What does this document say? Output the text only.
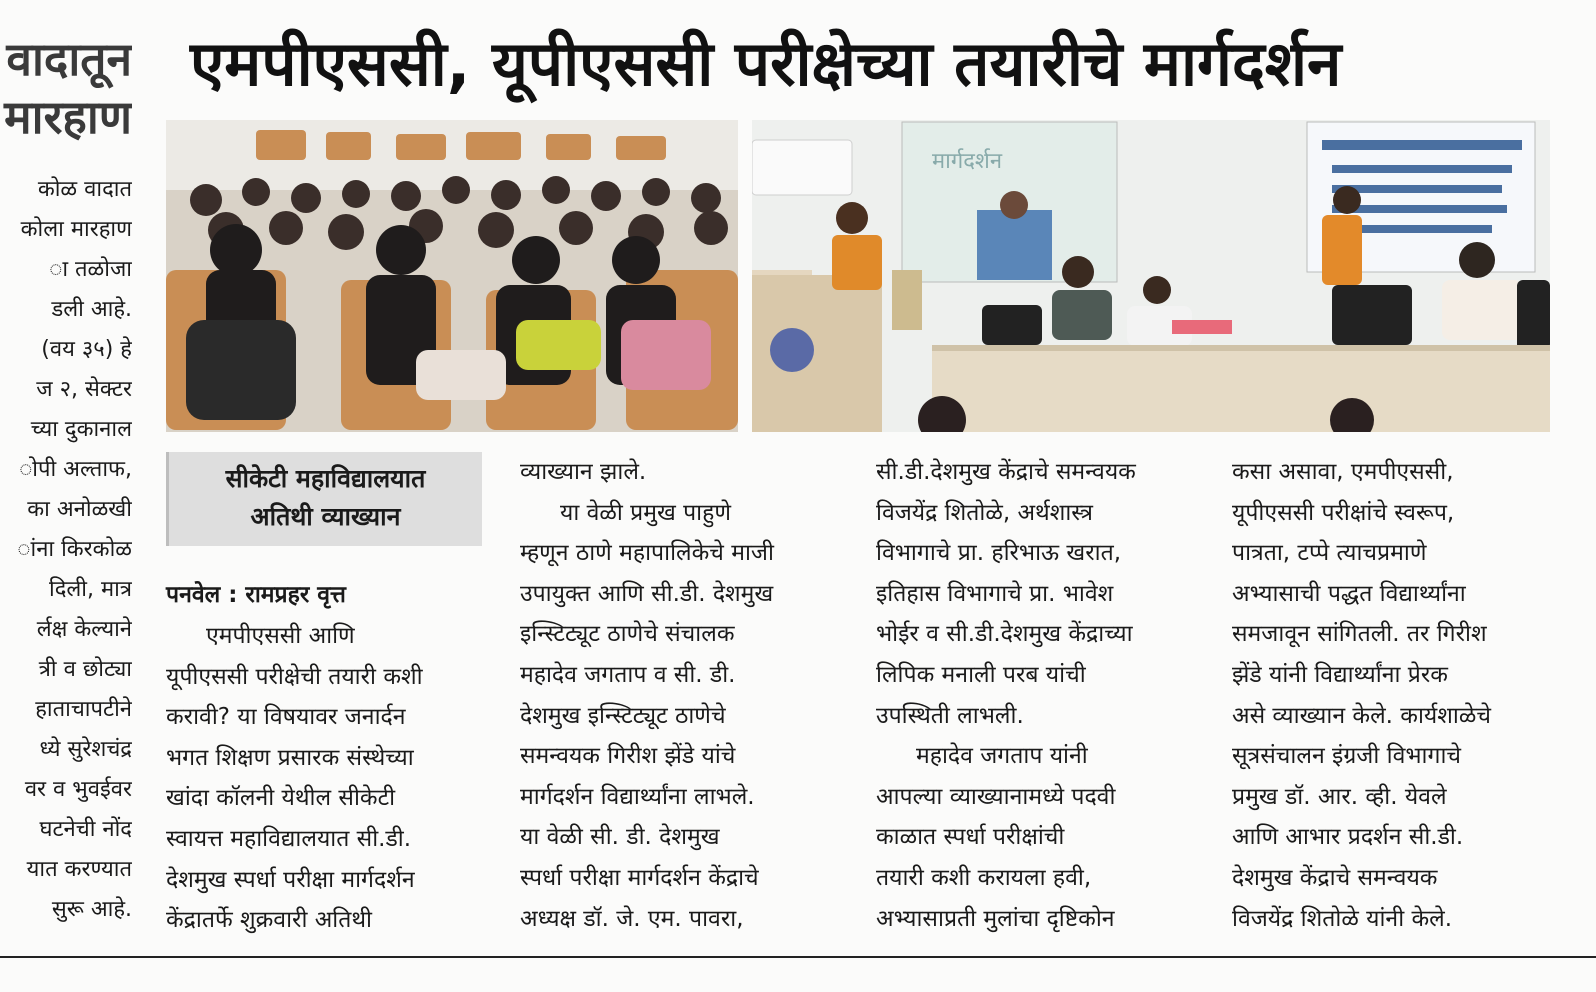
एमपीएससी, यूपीएससी परीक्षेच्या तयारीचे मार्गदर्शन
वादातून
मारहाण
कोळ वादात
कोला मारहाण
ा तळोजा
डली आहे.
(वय ३५) हे
ज २, सेक्टर
च्या दुकानाल
ोपी अल्ताफ,
का अनोळखी
ांना किरकोळ
दिली, मात्र
र्लक्ष केल्याने
त्री व छोट्या
हाताचापटीने
ध्ये सुरेशचंद्र
वर व भुवईवर
घटनेची नोंद
यात करण्यात
सुरू आहे.
मार्गदर्शन
सीकेटी महाविद्यालयात
अतिथी व्याख्यान
पनवेल : रामप्रहर वृत्त
एमपीएससी आणि
यूपीएससी परीक्षेची तयारी कशी
करावी? या विषयावर जनार्दन
भगत शिक्षण प्रसारक संस्थेच्या
खांदा कॉलनी येथील सीकेटी
स्वायत्त महाविद्यालयात सी.डी.
देशमुख स्पर्धा परीक्षा मार्गदर्शन
केंद्रातर्फे शुक्रवारी अतिथी
व्याख्यान झाले.
या वेळी प्रमुख पाहुणे
म्हणून ठाणे महापालिकेचे माजी
उपायुक्त आणि सी.डी. देशमुख
इन्स्टिट्यूट ठाणेचे संचालक
महादेव जगताप व सी. डी.
देशमुख इन्स्टिट्यूट ठाणेचे
समन्वयक गिरीश झेंडे यांचे
मार्गदर्शन विद्यार्थ्यांना लाभले.
या वेळी सी. डी. देशमुख
स्पर्धा परीक्षा मार्गदर्शन केंद्राचे
अध्यक्ष डॉ. जे. एम. पावरा,
सी.डी.देशमुख केंद्राचे समन्वयक
विजयेंद्र शितोळे, अर्थशास्त्र
विभागाचे प्रा. हरिभाऊ खरात,
इतिहास विभागाचे प्रा. भावेश
भोईर व सी.डी.देशमुख केंद्राच्या
लिपिक मनाली परब यांची
उपस्थिती लाभली.
महादेव जगताप यांनी
आपल्या व्याख्यानामध्ये पदवी
काळात स्पर्धा परीक्षांची
तयारी कशी करायला हवी,
अभ्यासाप्रती मुलांचा दृष्टिकोन
कसा असावा, एमपीएससी,
यूपीएससी परीक्षांचे स्वरूप,
पात्रता, टप्पे त्याचप्रमाणे
अभ्यासाची पद्धत विद्यार्थ्यांना
समजावून सांगितली. तर गिरीश
झेंडे यांनी विद्यार्थ्यांना प्रेरक
असे व्याख्यान केले. कार्यशाळेचे
सूत्रसंचालन इंग्रजी विभागाचे
प्रमुख डॉ. आर. व्ही. येवले
आणि आभार प्रदर्शन सी.डी.
देशमुख केंद्राचे समन्वयक
विजयेंद्र शितोळे यांनी केले.
